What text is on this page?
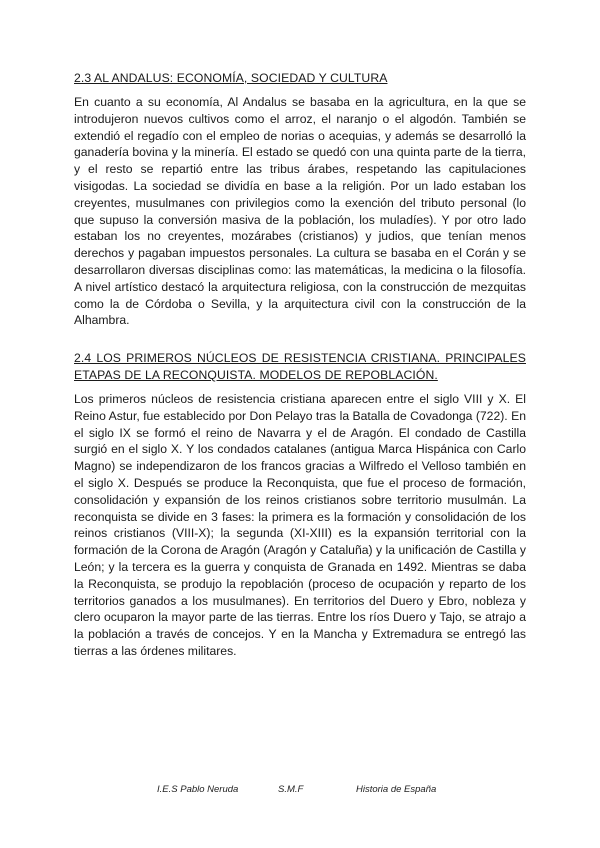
2.3 AL ANDALUS: ECONOMÍA, SOCIEDAD Y CULTURA

En cuanto a su economía, Al Andalus se basaba en la agricultura, en la que se introdujeron nuevos cultivos como el arroz, el naranjo o el algodón. También se extendió el regadío con el empleo de norias o acequias, y además se desarrolló la ganadería bovina y la minería. El estado se quedó con una quinta parte de la tierra, y el resto se repartió entre las tribus árabes, respetando las capitulaciones visigodas. La sociedad se dividía en base a la religión. Por un lado estaban los creyentes, musulmanes con privilegios como la exención del tributo personal (lo que supuso la conversión masiva de la población, los muladíes). Y por otro lado estaban los no creyentes, mozárabes (cristianos) y judios, que tenían menos derechos y pagaban impuestos personales. La cultura se basaba en el Corán y se desarrollaron diversas disciplinas como: las matemáticas, la medicina o la filosofía. A nivel artístico destacó la arquitectura religiosa, con la construcción de mezquitas como la de Córdoba o Sevilla, y la arquitectura civil con la construcción de la Alhambra.

2.4 LOS PRIMEROS NÚCLEOS DE RESISTENCIA CRISTIANA. PRINCIPALES ETAPAS DE LA RECONQUISTA. MODELOS DE REPOBLACIÓN.

Los primeros núcleos de resistencia cristiana aparecen entre el siglo VIII y X. El Reino Astur, fue establecido por Don Pelayo tras la Batalla de Covadonga (722). En el siglo IX se formó el reino de Navarra y el de Aragón. El condado de Castilla surgió en el siglo X. Y los condados catalanes (antigua Marca Hispánica con Carlo Magno) se independizaron de los francos gracias a Wilfredo el Velloso también en el siglo X. Después se produce la Reconquista, que fue el proceso de formación, consolidación y expansión de los reinos cristianos sobre territorio musulmán. La reconquista se divide en 3 fases: la primera es la formación y consolidación de los reinos cristianos (VIII-X); la segunda (XI-XIII) es la expansión territorial con la formación de la Corona de Aragón (Aragón y Cataluña) y la unificación de Castilla y León; y la tercera es la guerra y conquista de Granada en 1492. Mientras se daba la Reconquista, se produjo la repoblación (proceso de ocupación y reparto de los territorios ganados a los musulmanes). En territorios del Duero y Ebro, nobleza y clero ocuparon la mayor parte de las tierras. Entre los ríos Duero y Tajo, se atrajo a la población a través de concejos. Y en la Mancha y Extremadura se entregó las tierras a las órdenes militares.

I.E.S Pablo Neruda	S.M.F	Historia de España
